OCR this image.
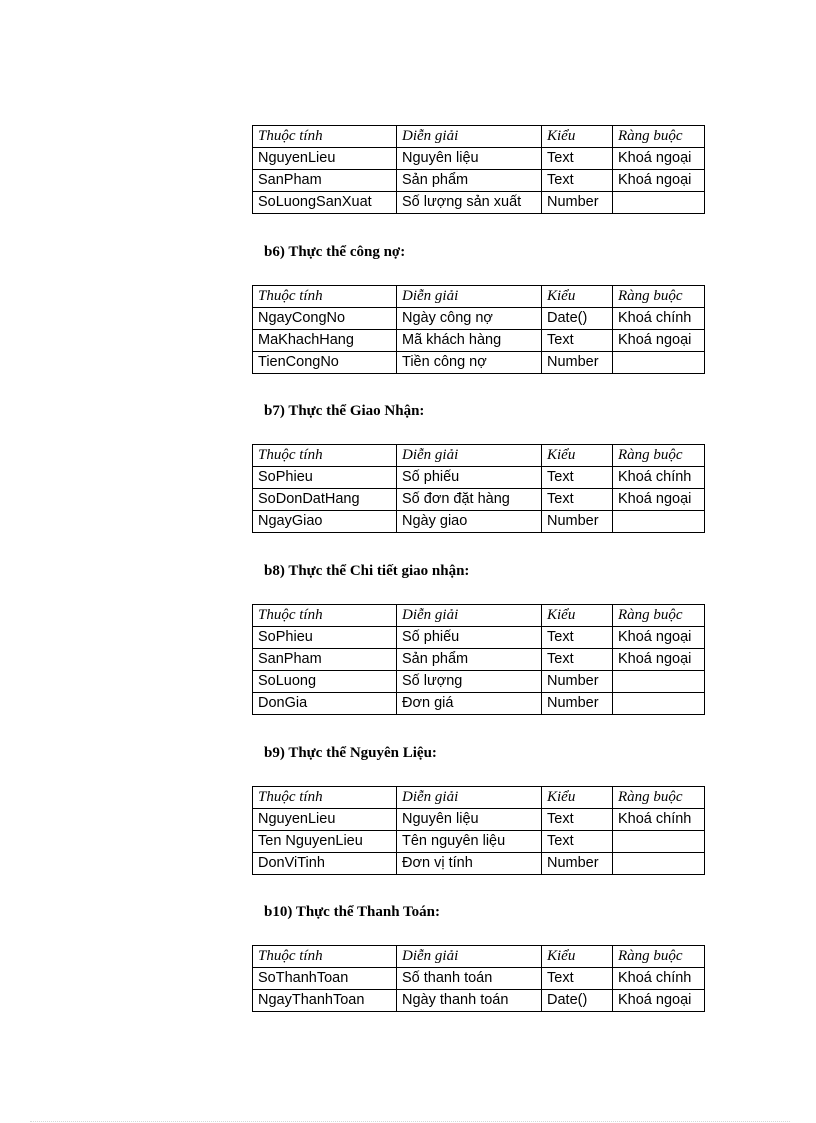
Thuộc tính	Diễn giải	Kiểu	Ràng buộc
NguyenLieu	Nguyên liệu	Text	Khoá ngoại
SanPham	Sản phẩm	Text	Khoá ngoại
SoLuongSanXuat	Số lượng sản xuất	Number	
b6) Thực thể công nợ:
Thuộc tính	Diễn giải	Kiểu	Ràng buộc
NgayCongNo	Ngày công nợ	Date()	Khoá chính
MaKhachHang	Mã khách hàng	Text	Khoá ngoại
TienCongNo	Tiền công nợ	Number	
b7) Thực thể Giao Nhận:
Thuộc tính	Diễn giải	Kiểu	Ràng buộc
SoPhieu	Số phiếu	Text	Khoá chính
SoDonDatHang	Số đơn đặt hàng	Text	Khoá ngoại
NgayGiao	Ngày giao	Number	
b8) Thực thể Chi tiết giao nhận:
Thuộc tính	Diễn giải	Kiểu	Ràng buộc
SoPhieu	Số phiếu	Text	Khoá ngoại
SanPham	Sản phẩm	Text	Khoá ngoại
SoLuong	Số lượng	Number	
DonGia	Đơn giá	Number	
b9) Thực thể Nguyên Liệu:
Thuộc tính	Diễn giải	Kiểu	Ràng buộc
NguyenLieu	Nguyên liệu	Text	Khoá chính
Ten NguyenLieu	Tên nguyên liệu	Text	
DonViTinh	Đơn vị tính	Number	
b10) Thực thể Thanh Toán:
Thuộc tính	Diễn giải	Kiểu	Ràng buộc
SoThanhToan	Số thanh toán	Text	Khoá chính
NgayThanhToan	Ngày thanh toán	Date()	Khoá ngoại
